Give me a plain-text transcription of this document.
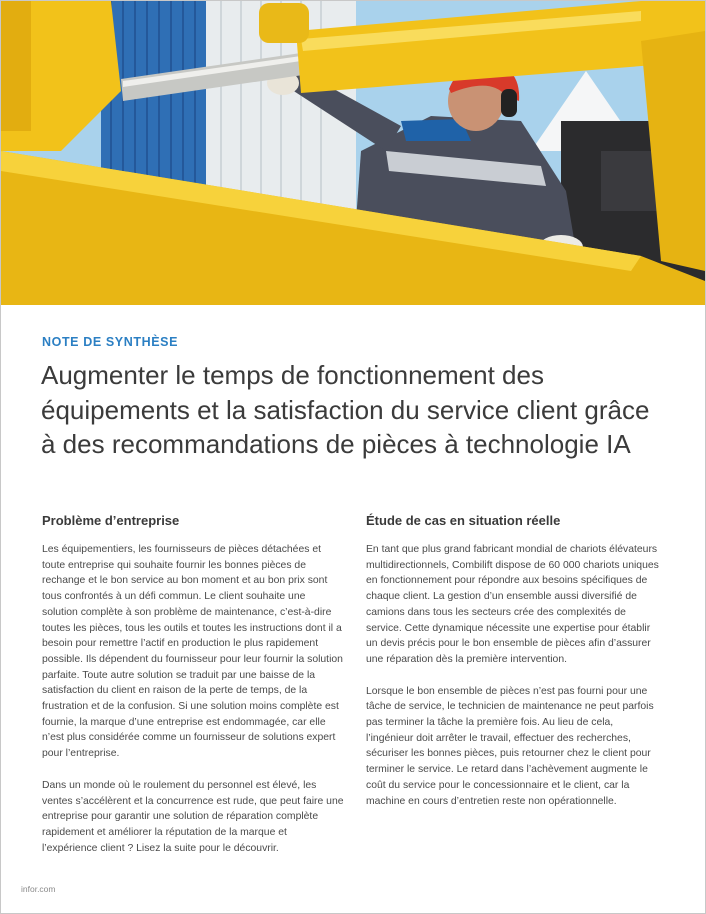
NOTE DE SYNTHÈSE
Augmenter le temps de fonctionnement des équipements et la satisfaction du service client grâce à des recommandations de pièces à technologie IA
Problème d’entreprise

Les équipementiers, les fournisseurs de pièces détachées et toute entreprise qui souhaite fournir les bonnes pièces de rechange et le bon service au bon moment et au bon prix sont tous confrontés à un défi commun. Le client souhaite une solution complète à son problème de maintenance, c’est-à-dire toutes les pièces, tous les outils et toutes les instructions dont il a besoin pour remettre l’actif en production le plus rapidement possible. Ils dépendent du fournisseur pour leur fournir la solution parfaite. Toute autre solution se traduit par une baisse de la satisfaction du client en raison de la perte de temps, de la frustration et de la confusion. Si une solution moins complète est fournie, la marque d’une entreprise est endommagée, car elle n’est plus considérée comme un fournisseur de solutions expert pour l’entreprise.

Dans un monde où le roulement du personnel est élevé, les ventes s’accélèrent et la concurrence est rude, que peut faire une entreprise pour garantir une solution de réparation complète rapidement et améliorer la réputation de la marque et l’expérience client ? Lisez la suite pour le découvrir.

Étude de cas en situation réelle

En tant que plus grand fabricant mondial de chariots élévateurs multidirectionnels, Combilift dispose de 60 000 chariots uniques en fonctionnement pour répondre aux besoins spécifiques de chaque client. La gestion d’un ensemble aussi diversifié de camions dans tous les secteurs crée des complexités de service. Cette dynamique nécessite une expertise pour établir un devis précis pour le bon ensemble de pièces afin d’assurer une réparation dès la première intervention.

Lorsque le bon ensemble de pièces n’est pas fourni pour une tâche de service, le technicien de maintenance ne peut parfois pas terminer la tâche la première fois. Au lieu de cela, l’ingénieur doit arrêter le travail, effectuer des recherches, sécuriser les bonnes pièces, puis retourner chez le client pour terminer le service. Le retard dans l’achèvement augmente le coût du service pour le concessionnaire et le client, car la machine en cours d’entretien reste non opérationnelle.

infor.com
